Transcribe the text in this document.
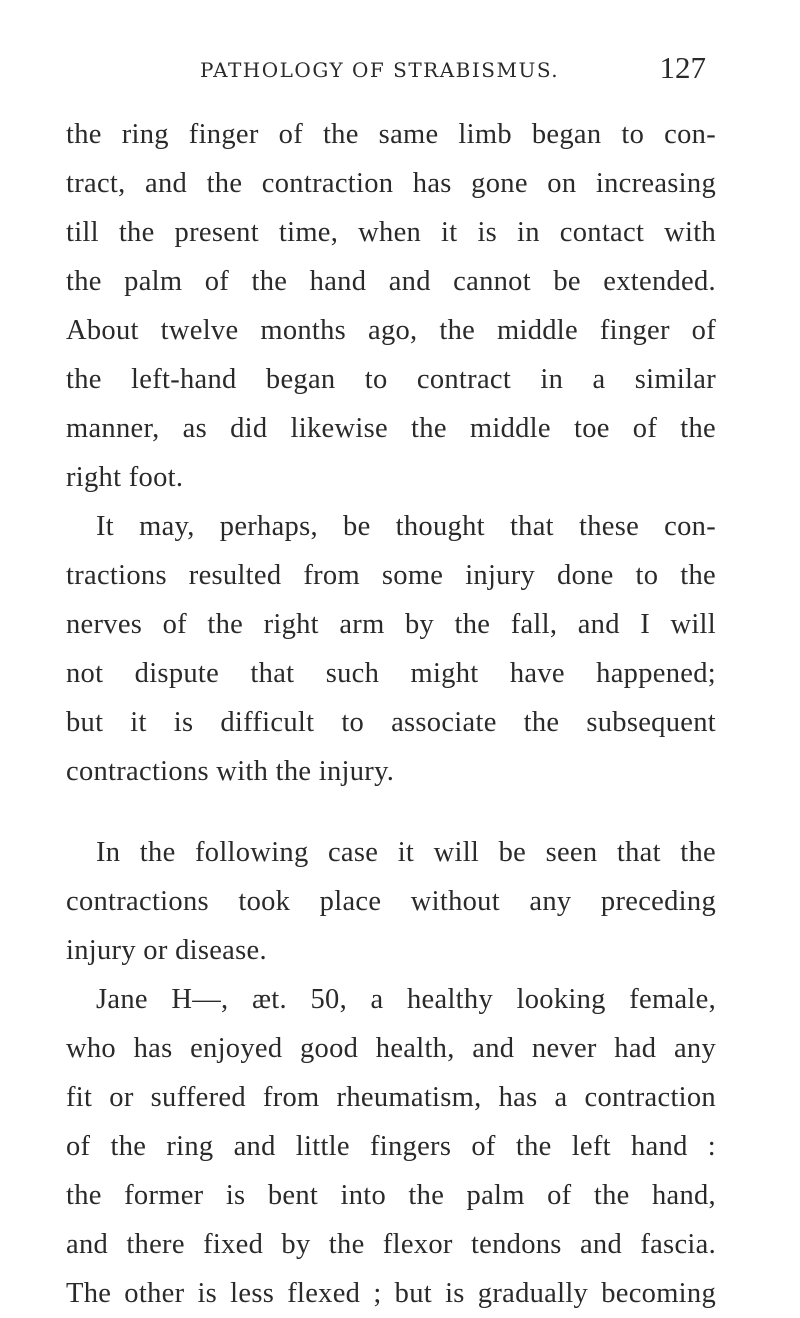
PATHOLOGY OF STRABISMUS.	127
the ring finger of the same limb began to con-
tract, and the contraction has gone on increasing
till the present time, when it is in contact with
the palm of the hand and cannot be extended.
About twelve months ago, the middle finger of
the left-hand began to contract in a similar
manner, as did likewise the middle toe of the
right foot.
It may, perhaps, be thought that these con-
tractions resulted from some injury done to the
nerves of the right arm by the fall, and I will
not dispute that such might have happened;
but it is difficult to associate the subsequent
contractions with the injury.
In the following case it will be seen that the
contractions took place without any preceding
injury or disease.
Jane H—, æt. 50, a healthy looking female,
who has enjoyed good health, and never had any
fit or suffered from rheumatism, has a contraction
of the ring and little fingers of the left hand :
the former is bent into the palm of the hand,
and there fixed by the flexor tendons and fascia.
The other is less flexed ; but is gradually becoming
